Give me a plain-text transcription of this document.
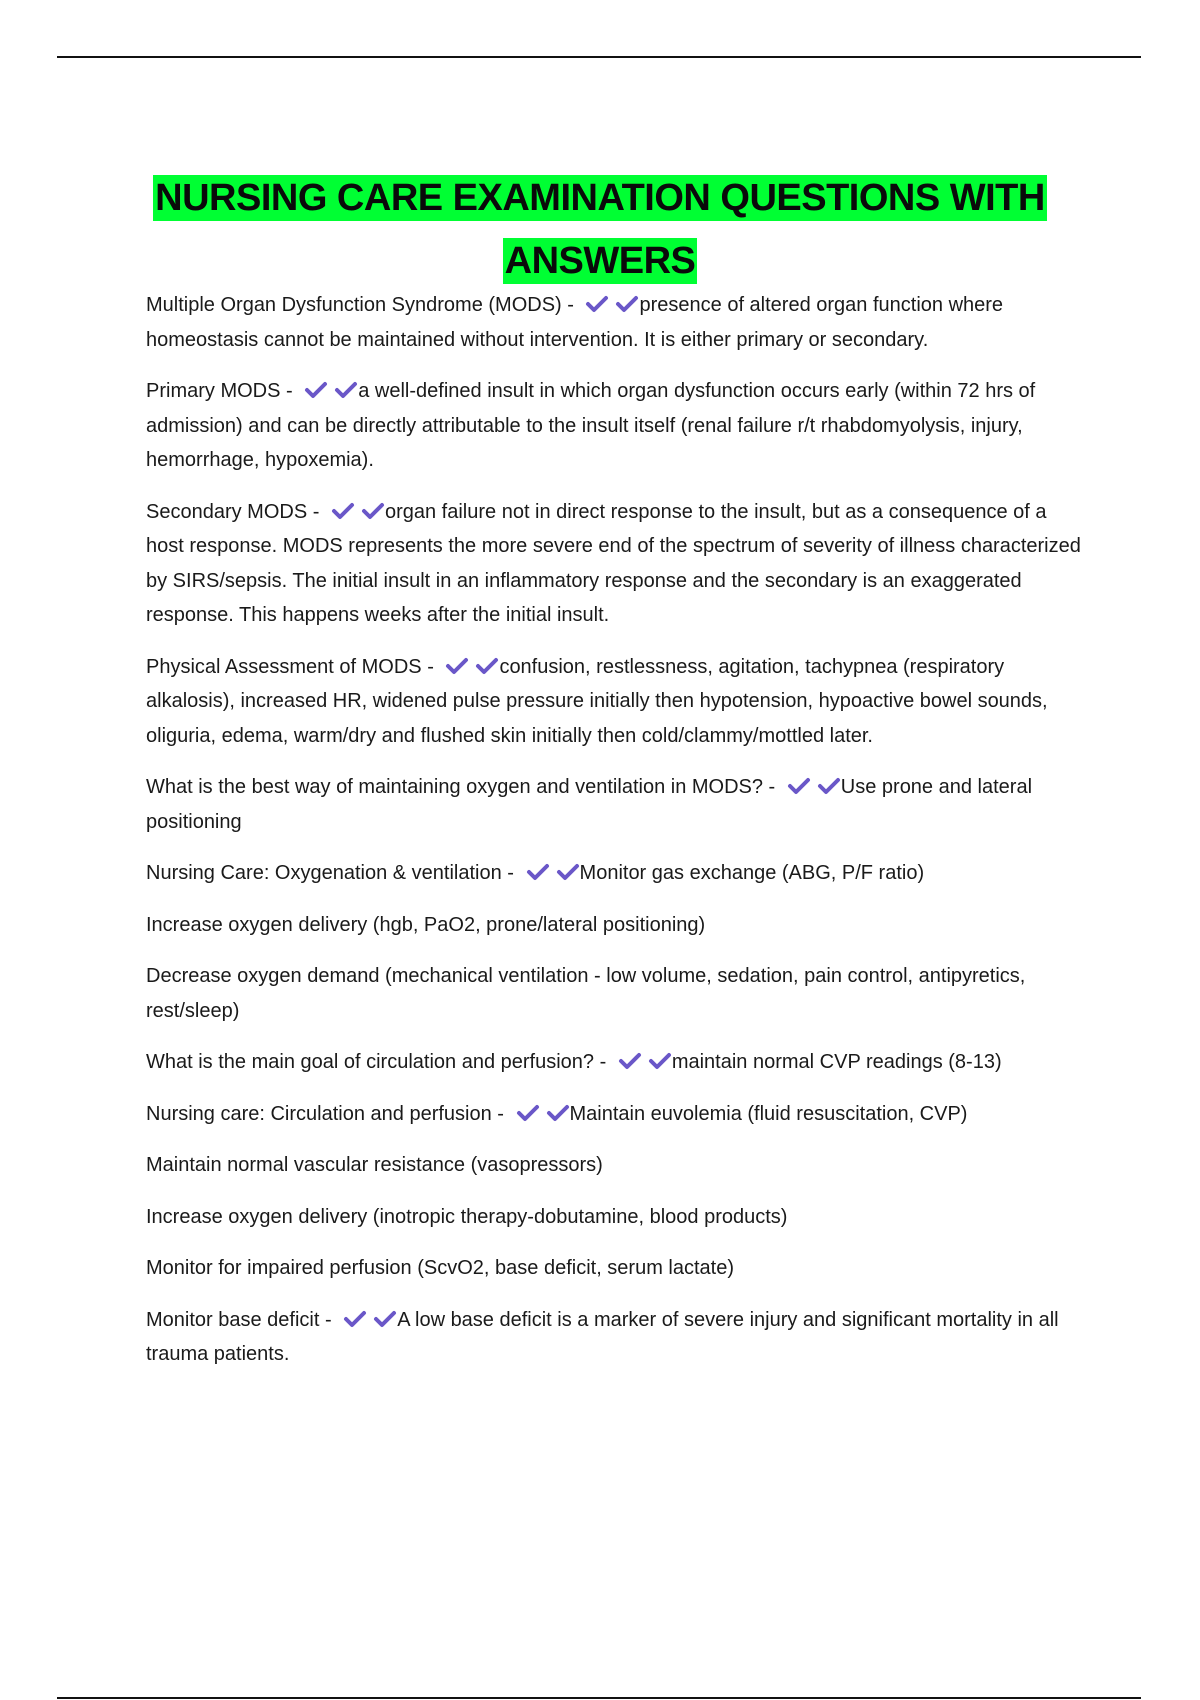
NURSING CARE EXAMINATION QUESTIONS WITH ANSWERS

Multiple Organ Dysfunction Syndrome (MODS) -	presence of altered organ function where homeostasis cannot be maintained without intervention. It is either primary or secondary.

Primary MODS -	a well-defined insult in which organ dysfunction occurs early (within 72 hrs of admission) and can be directly attributable to the insult itself (renal failure r/t rhabdomyolysis, injury, hemorrhage, hypoxemia).

Secondary MODS -	organ failure not in direct response to the insult, but as a consequence of a host response. MODS represents the more severe end of the spectrum of severity of illness characterized by SIRS/sepsis. The initial insult in an inflammatory response and the secondary is an exaggerated response. This happens weeks after the initial insult.

Physical Assessment of MODS -	confusion, restlessness, agitation, tachypnea (respiratory alkalosis), increased HR, widened pulse pressure initially then hypotension, hypoactive bowel sounds, oliguria, edema, warm/dry and flushed skin initially then cold/clammy/mottled later.

What is the best way of maintaining oxygen and ventilation in MODS? -	Use prone and lateral positioning

Nursing Care: Oxygenation & ventilation -	Monitor gas exchange (ABG, P/F ratio)

Increase oxygen delivery (hgb, PaO2, prone/lateral positioning)

Decrease oxygen demand (mechanical ventilation - low volume, sedation, pain control, antipyretics, rest/sleep)

What is the main goal of circulation and perfusion? -	maintain normal CVP readings (8-13)

Nursing care: Circulation and perfusion -	Maintain euvolemia (fluid resuscitation, CVP)

Maintain normal vascular resistance (vasopressors)

Increase oxygen delivery (inotropic therapy-dobutamine, blood products)

Monitor for impaired perfusion (ScvO2, base deficit, serum lactate)

Monitor base deficit -	A low base deficit is a marker of severe injury and significant mortality in all trauma patients.
